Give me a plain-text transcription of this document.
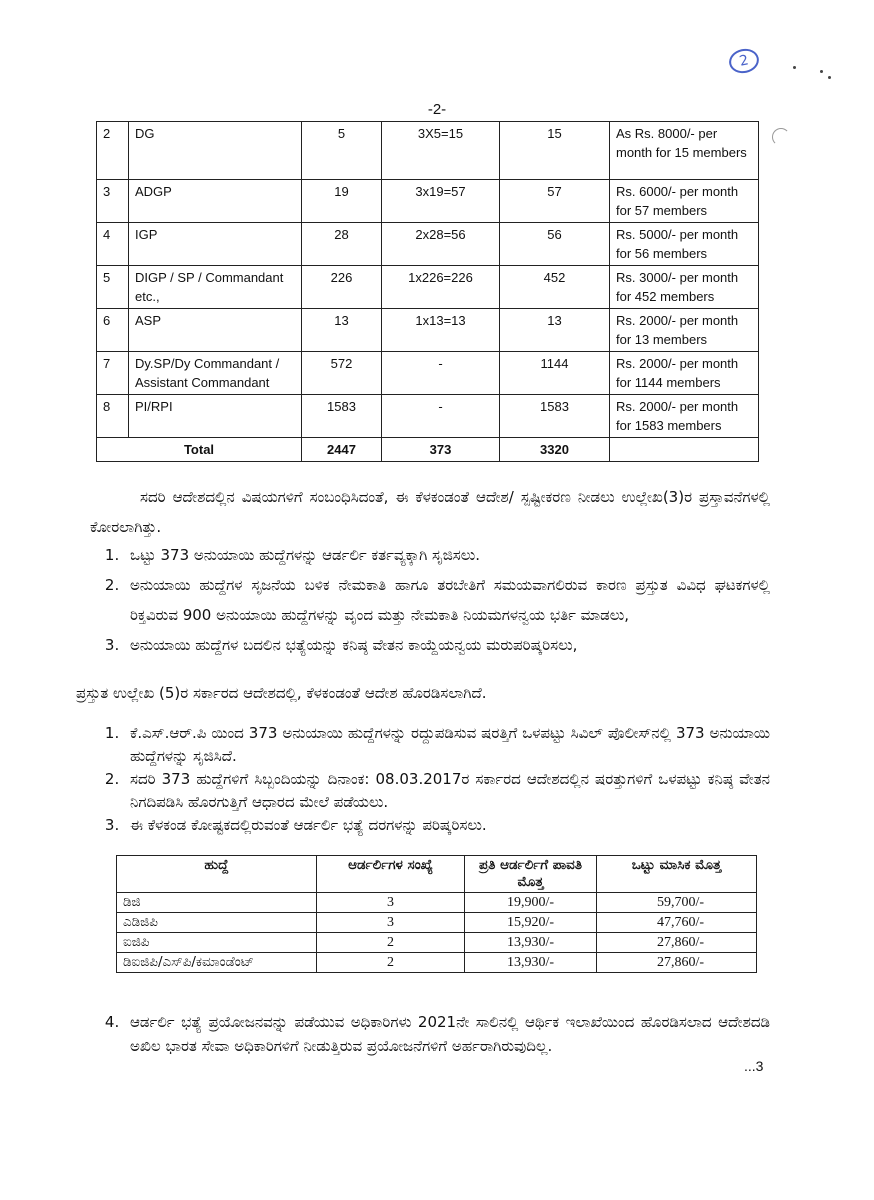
2
-2-
2	DG	5	3X5=15	15	As Rs. 8000/- per month for 15 members
3	ADGP	19	3x19=57	57	Rs. 6000/- per month for 57 members
4	IGP	28	2x28=56	56	Rs. 5000/- per month for 56 members
5	DIGP / SP / Commandant etc.,	226	1x226=226	452	Rs. 3000/- per month for 452 members
6	ASP	13	1x13=13	13	Rs. 2000/- per month for 13 members
7	Dy.SP/Dy Commandant / Assistant Commandant	572	-	1144	Rs. 2000/- per month for 1144 members
8	PI/RPI	1583	-	1583	Rs. 2000/- per month for 1583 members
Total		2447	373	3320	
ಸದರಿ ಆದೇಶದಲ್ಲಿನ ವಿಷಯಗಳಿಗೆ ಸಂಬಂಧಿಸಿದಂತೆ, ಈ ಕೆಳಕಂಡಂತೆ ಆದೇಶ/ ಸ್ಪಷ್ಟೀಕರಣ ನೀಡಲು ಉಲ್ಲೇಖ(3)ರ ಪ್ರಸ್ತಾವನೆಗಳಲ್ಲಿ ಕೋರಲಾಗಿತ್ತು.
1. ಒಟ್ಟು 373 ಅನುಯಾಯಿ ಹುದ್ದೆಗಳನ್ನು ಆರ್ಡರ್ಲಿ ಕರ್ತವ್ಯಕ್ಕಾಗಿ ಸೃಜಿಸಲು.
2. ಅನುಯಾಯಿ ಹುದ್ದೆಗಳ ಸೃಜನೆಯ ಬಳಿಕ ನೇಮಕಾತಿ ಹಾಗೂ ತರಬೇತಿಗೆ ಸಮಯವಾಗಲಿರುವ ಕಾರಣ ಪ್ರಸ್ತುತ ವಿವಿಧ ಘಟಕಗಳಲ್ಲಿ ರಿಕ್ತವಿರುವ 900 ಅನುಯಾಯಿ ಹುದ್ದೆಗಳನ್ನು ವೃಂದ ಮತ್ತು ನೇಮಕಾತಿ ನಿಯಮಗಳನ್ವಯ ಭರ್ತಿ ಮಾಡಲು,
3. ಅನುಯಾಯಿ ಹುದ್ದೆಗಳ ಬದಲಿನ ಭತ್ಯೆಯನ್ನು ಕನಿಷ್ಠ ವೇತನ ಕಾಯ್ದೆಯನ್ವಯ ಮರುಪರಿಷ್ಕರಿಸಲು,
ಪ್ರಸ್ತುತ ಉಲ್ಲೇಖ (5)ರ ಸರ್ಕಾರದ ಆದೇಶದಲ್ಲಿ, ಕೆಳಕಂಡಂತೆ ಆದೇಶ ಹೊರಡಿಸಲಾಗಿದೆ.
1. ಕೆ.ಎಸ್.ಆರ್.ಪಿ ಯಿಂದ 373 ಅನುಯಾಯಿ ಹುದ್ದೆಗಳನ್ನು ರದ್ದುಪಡಿಸುವ ಷರತ್ತಿಗೆ ಒಳಪಟ್ಟು ಸಿವಿಲ್ ಪೊಲೀಸ್‌ನಲ್ಲಿ 373 ಅನುಯಾಯಿ ಹುದ್ದೆಗಳನ್ನು ಸೃಜಿಸಿದೆ.
2. ಸದರಿ 373 ಹುದ್ದೆಗಳಿಗೆ ಸಿಬ್ಬಂದಿಯನ್ನು ದಿನಾಂಕ: 08.03.2017ರ ಸರ್ಕಾರದ ಆದೇಶದಲ್ಲಿನ ಷರತ್ತುಗಳಿಗೆ ಒಳಪಟ್ಟು ಕನಿಷ್ಠ ವೇತನ ನಿಗದಿಪಡಿಸಿ ಹೊರಗುತ್ತಿಗೆ ಆಧಾರದ ಮೇಲೆ ಪಡೆಯಲು.
3. ಈ ಕೆಳಕಂಡ ಕೋಷ್ಟಕದಲ್ಲಿರುವಂತೆ ಆರ್ಡರ್ಲಿ ಭತ್ಯೆ ದರಗಳನ್ನು ಪರಿಷ್ಕರಿಸಲು.
ಹುದ್ದೆ	ಆರ್ಡರ್ಲಿಗಳ ಸಂಖ್ಯೆ	ಪ್ರತಿ ಆರ್ಡರ್ಲಿಗೆ ಪಾವತಿ ಮೊತ್ತ	ಒಟ್ಟು ಮಾಸಿಕ ಮೊತ್ತ
ಡಿಜಿ	3	19,900/-	59,700/-
ಎಡಿಜಿಪಿ	3	15,920/-	47,760/-
ಐಜಿಪಿ	2	13,930/-	27,860/-
ಡಿಐಜಿಪಿ/ಎಸ್‌ಪಿ/ಕಮಾಂಡೆಂಟ್	2	13,930/-	27,860/-
4. ಆರ್ಡರ್ಲಿ ಭತ್ಯೆ ಪ್ರಯೋಜನವನ್ನು ಪಡೆಯುವ ಅಧಿಕಾರಿಗಳು 2021ನೇ ಸಾಲಿನಲ್ಲಿ ಆರ್ಥಿಕ ಇಲಾಖೆಯಿಂದ ಹೊರಡಿಸಲಾದ ಆದೇಶದಡಿ ಅಖಿಲ ಭಾರತ ಸೇವಾ ಅಧಿಕಾರಿಗಳಿಗೆ ನೀಡುತ್ತಿರುವ ಪ್ರಯೋಜನೆಗಳಿಗೆ ಅರ್ಹರಾಗಿರುವುದಿಲ್ಲ.
...3
